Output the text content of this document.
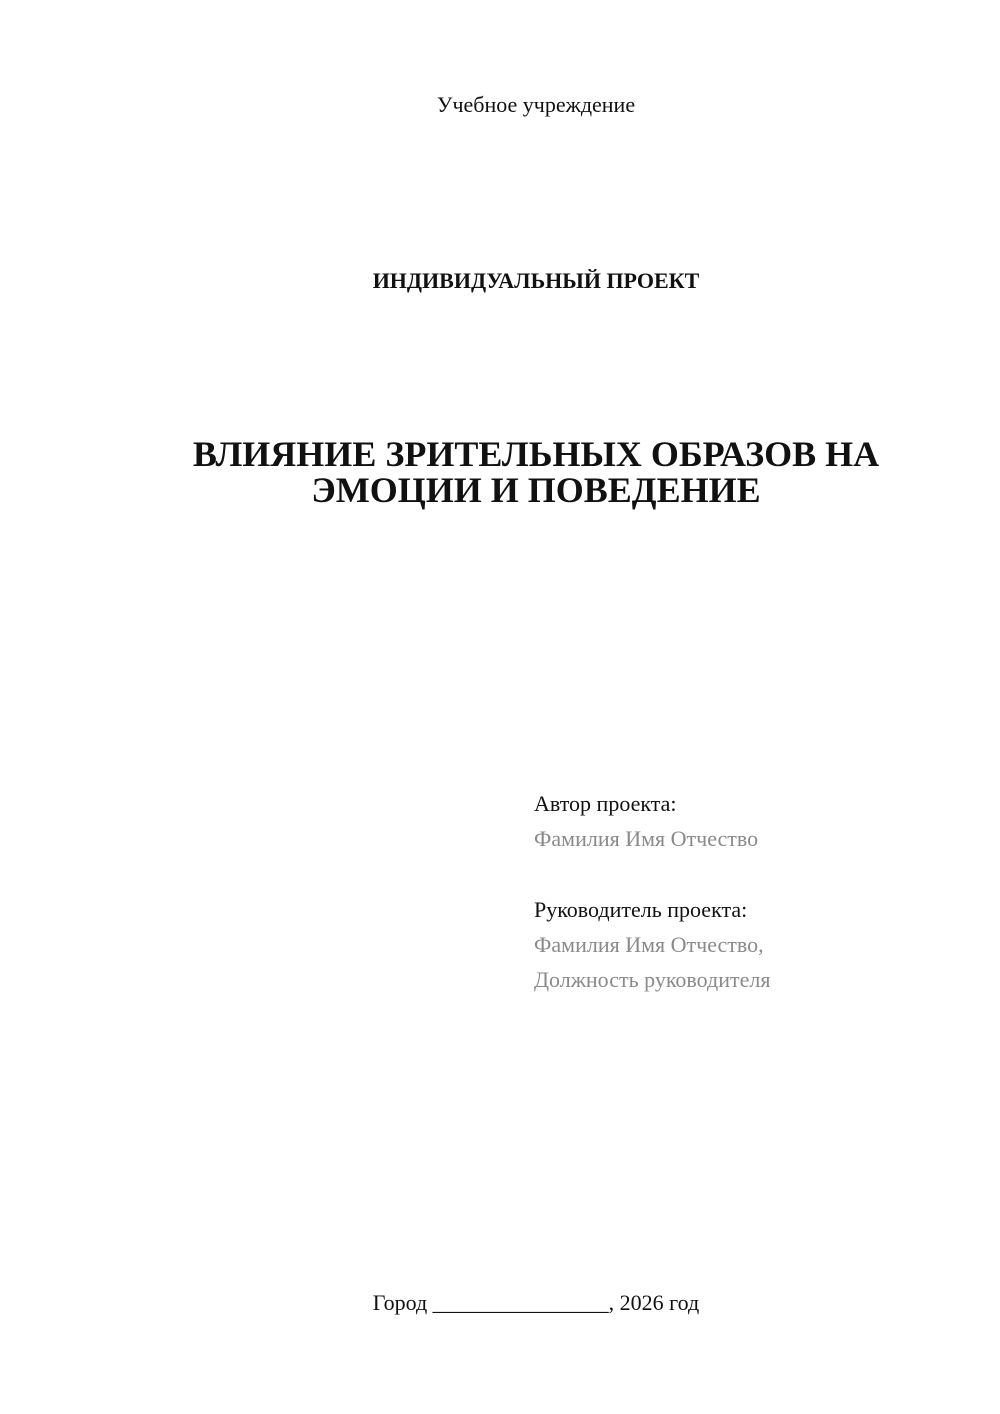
Учебное учреждение
ИНДИВИДУАЛЬНЫЙ ПРОЕКТ
ВЛИЯНИЕ ЗРИТЕЛЬНЫХ ОБРАЗОВ НА
ЭМОЦИИ И ПОВЕДЕНИЕ
Автор проекта:
Фамилия Имя Отчество
Руководитель проекта:
Фамилия Имя Отчество,
Должность руководителя
Город ________________, 2026 год
